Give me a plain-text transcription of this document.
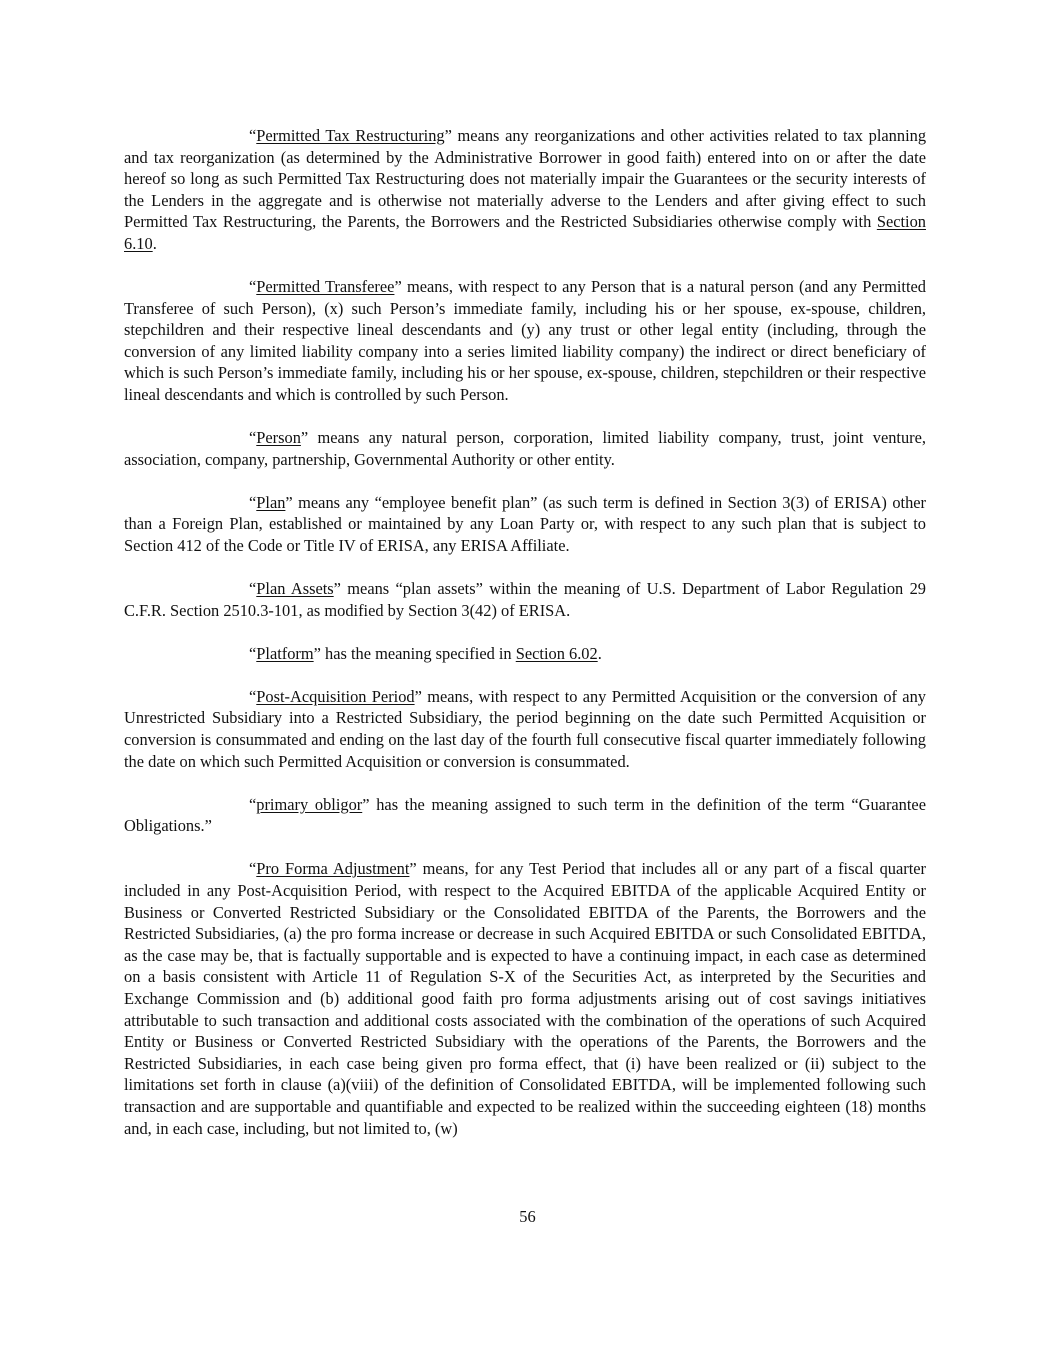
“Permitted Tax Restructuring” means any reorganizations and other activities related to tax planning and tax reorganization (as determined by the Administrative Borrower in good faith) entered into on or after the date hereof so long as such Permitted Tax Restructuring does not materially impair the Guarantees or the security interests of the Lenders in the aggregate and is otherwise not materially adverse to the Lenders and after giving effect to such Permitted Tax Restructuring, the Parents, the Borrowers and the Restricted Subsidiaries otherwise comply with Section 6.10.

“Permitted Transferee” means, with respect to any Person that is a natural person (and any Permitted Transferee of such Person), (x) such Person’s immediate family, including his or her spouse, ex-spouse, children, stepchildren and their respective lineal descendants and (y) any trust or other legal entity (including, through the conversion of any limited liability company into a series limited liability company) the indirect or direct beneficiary of which is such Person’s immediate family, including his or her spouse, ex-spouse, children, stepchildren or their respective lineal descendants and which is controlled by such Person.

“Person” means any natural person, corporation, limited liability company, trust, joint venture, association, company, partnership, Governmental Authority or other entity.

“Plan” means any “employee benefit plan” (as such term is defined in Section 3(3) of ERISA) other than a Foreign Plan, established or maintained by any Loan Party or, with respect to any such plan that is subject to Section 412 of the Code or Title IV of ERISA, any ERISA Affiliate.

“Plan Assets” means “plan assets” within the meaning of U.S. Department of Labor Regulation 29 C.F.R. Section 2510.3-101, as modified by Section 3(42) of ERISA.

“Platform” has the meaning specified in Section 6.02.

“Post-Acquisition Period” means, with respect to any Permitted Acquisition or the conversion of any Unrestricted Subsidiary into a Restricted Subsidiary, the period beginning on the date such Permitted Acquisition or conversion is consummated and ending on the last day of the fourth full consecutive fiscal quarter immediately following the date on which such Permitted Acquisition or conversion is consummated.

“primary obligor” has the meaning assigned to such term in the definition of the term “Guarantee Obligations.”

“Pro Forma Adjustment” means, for any Test Period that includes all or any part of a fiscal quarter included in any Post-Acquisition Period, with respect to the Acquired EBITDA of the applicable Acquired Entity or Business or Converted Restricted Subsidiary or the Consolidated EBITDA of the Parents, the Borrowers and the Restricted Subsidiaries, (a) the pro forma increase or decrease in such Acquired EBITDA or such Consolidated EBITDA, as the case may be, that is factually supportable and is expected to have a continuing impact, in each case as determined on a basis consistent with Article 11 of Regulation S-X of the Securities Act, as interpreted by the Securities and Exchange Commission and (b) additional good faith pro forma adjustments arising out of cost savings initiatives attributable to such transaction and additional costs associated with the combination of the operations of such Acquired Entity or Business or Converted Restricted Subsidiary with the operations of the Parents, the Borrowers and the Restricted Subsidiaries, in each case being given pro forma effect, that (i) have been realized or (ii) subject to the limitations set forth in clause (a)(viii) of the definition of Consolidated EBITDA, will be implemented following such transaction and are supportable and quantifiable and expected to be realized within the succeeding eighteen (18) months and, in each case, including, but not limited to, (w)

56
